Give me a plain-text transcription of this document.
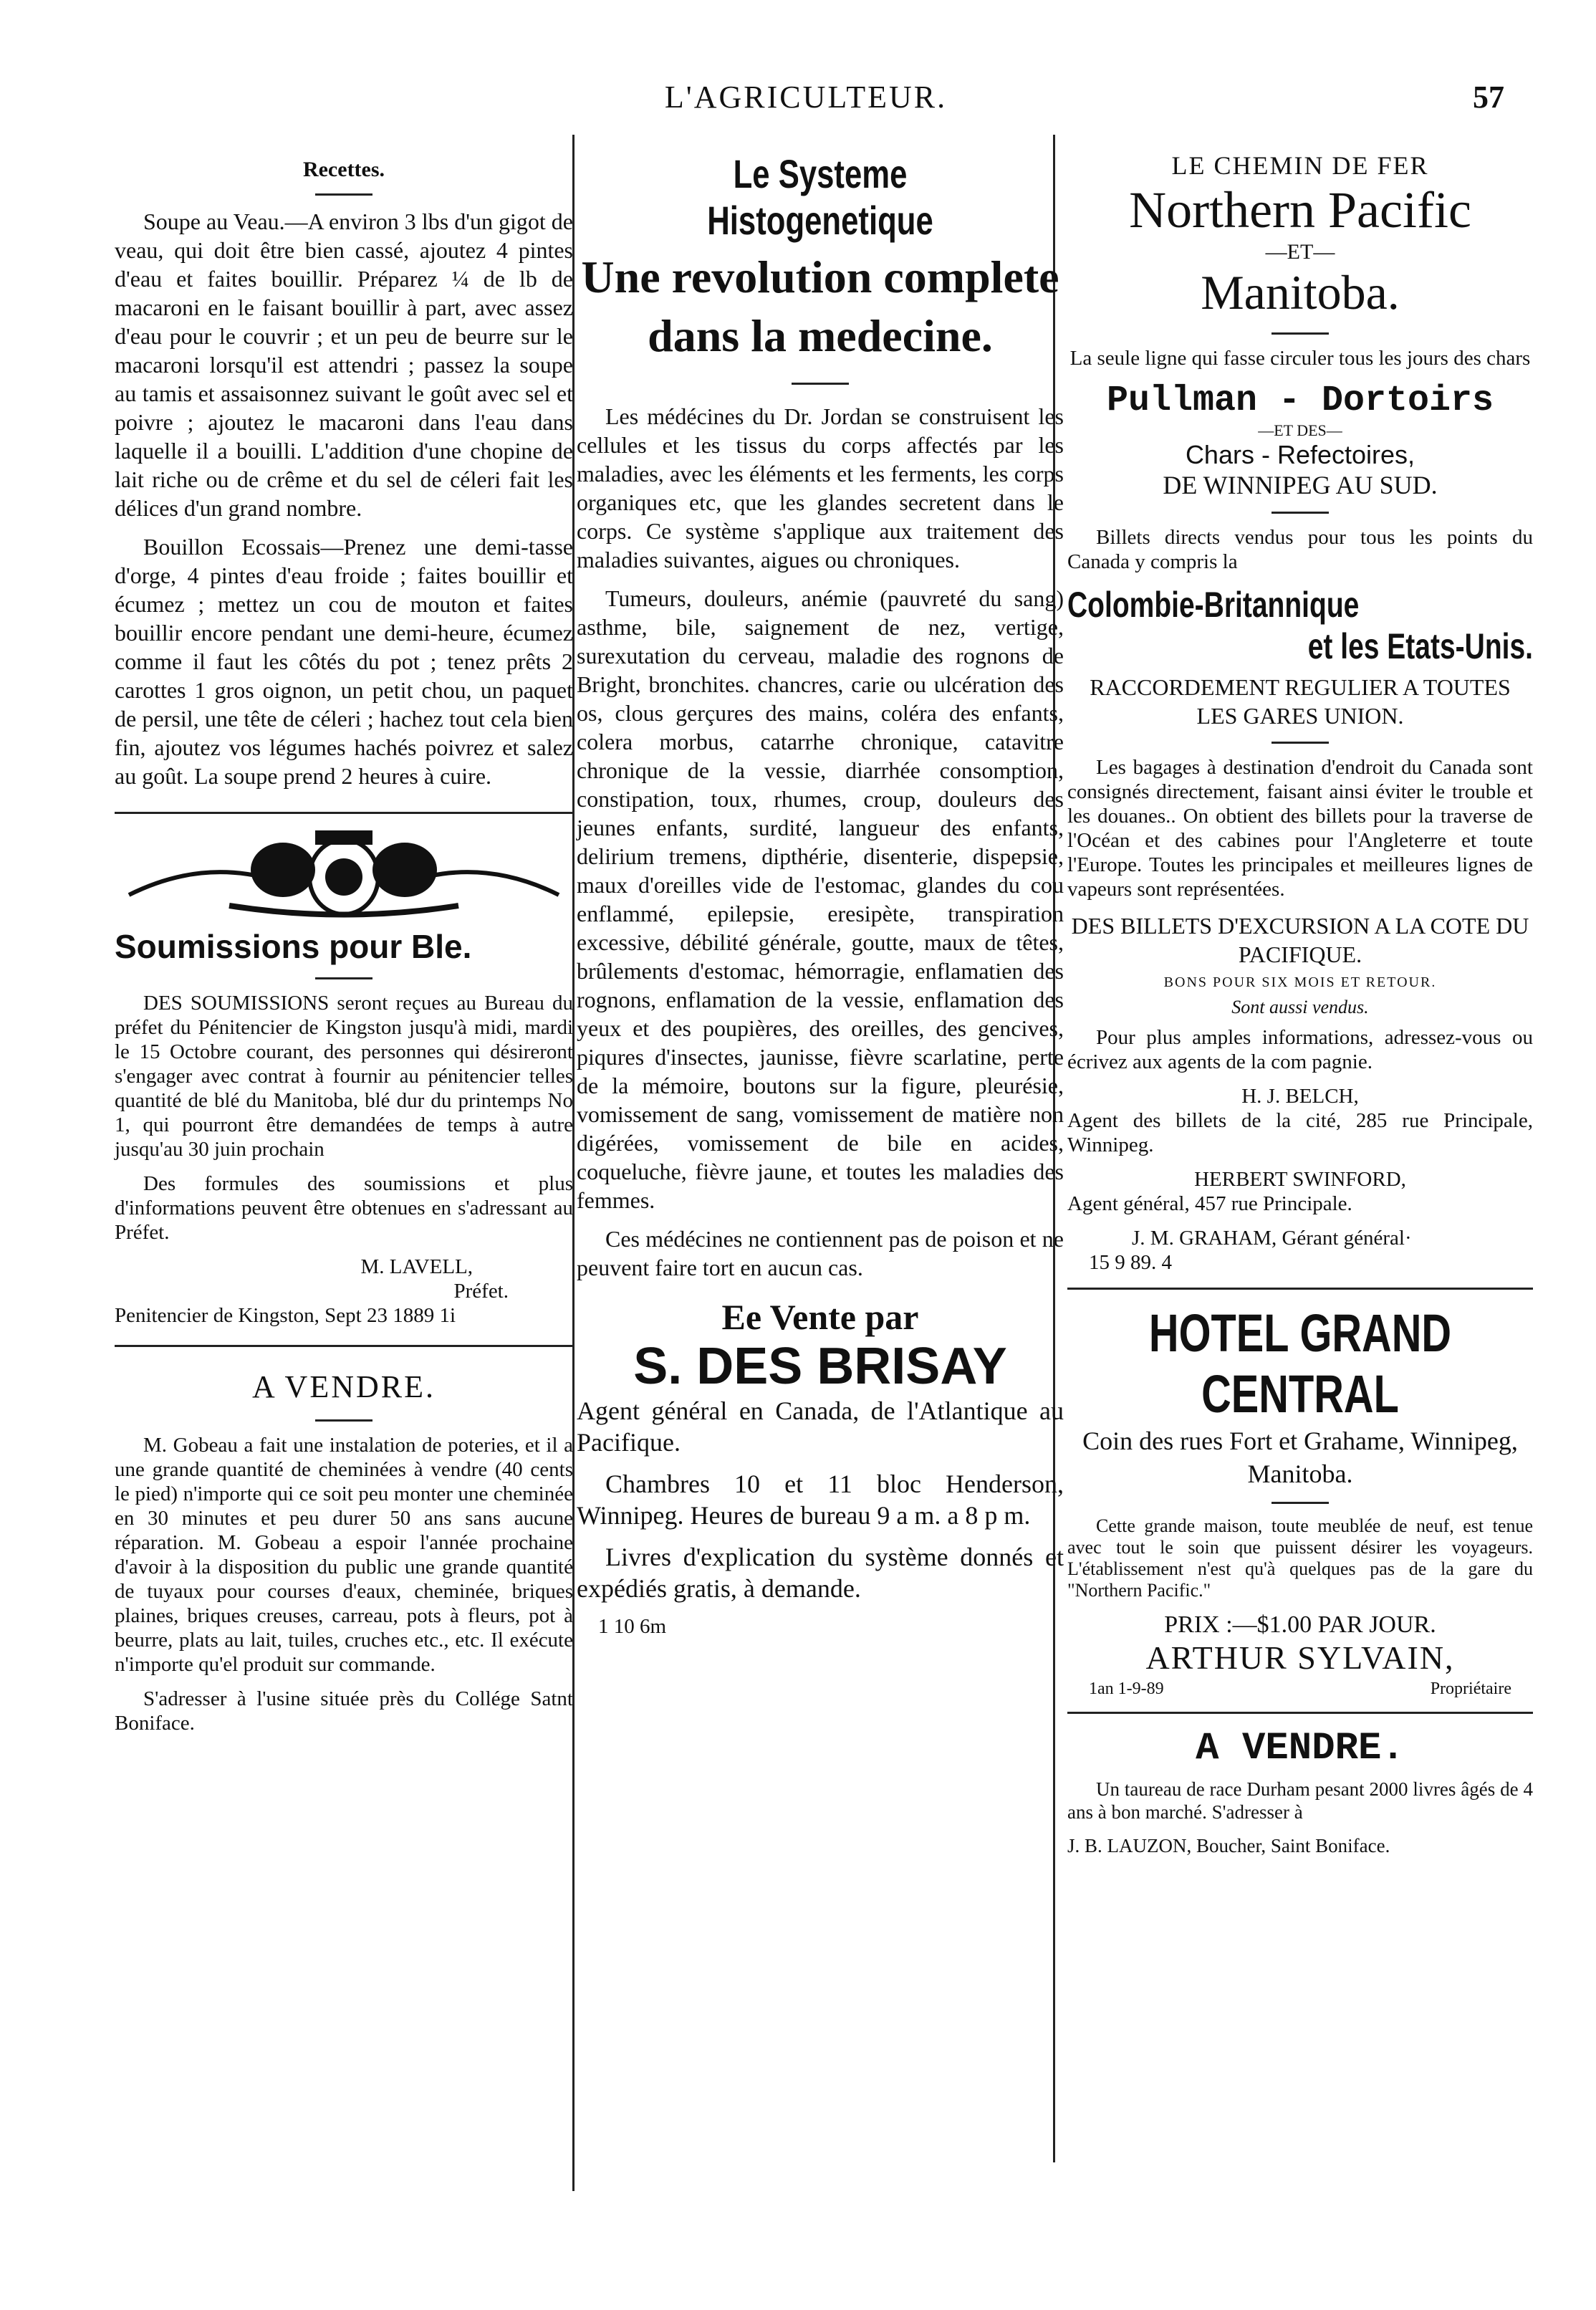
L'AGRICULTEUR.	57
Recettes.

Soupe au Veau.—A environ 3 lbs d'un gigot de veau, qui doit être bien cassé, ajoutez 4 pintes d'eau et faites bouillir. Préparez ¼ de lb de macaroni en le faisant bouillir à part, avec assez d'eau pour le couvrir ; et un peu de beurre sur le macaroni lorsqu'il est attendri ; passez la soupe au tamis et assaisonnez suivant le goût avec sel et poivre ; ajoutez le macaroni dans l'eau dans laquelle il a bouilli. L'addition d'une chopine de lait riche ou de crême et du sel de céleri fait les délices d'un grand nombre.

Bouillon Ecossais—Prenez une demi-tasse d'orge, 4 pintes d'eau froide ; faites bouillir et écumez ; mettez un cou de mouton et faites bouillir encore pendant une demi-heure, écumez comme il faut les côtés du pot ; tenez prêts 2 carottes 1 gros oignon, un petit chou, un paquet de persil, une tête de céleri ; hachez tout cela bien fin, ajoutez vos légumes hachés poivrez et salez au goût. La soupe prend 2 heures à cuire.

Soumissions pour Ble.

DES SOUMISSIONS seront reçues au Bureau du préfet du Pénitencier de Kingston jusqu'à midi, mardi le 15 Octobre courant, des personnes qui désireront s'engager avec contrat à fournir au pénitencier telles quantité de blé du Manitoba, blé dur du printemps No 1, qui pourront être demandées de temps à autre jusqu'au 30 juin prochain

Des formules des soumissions et plus d'informations peuvent être obtenues en s'adressant au Préfet.

M. LAVELL,
Préfet.
Penitencier de Kingston, Sept 23 1889 1i
A VENDRE.

M. Gobeau a fait une instalation de poteries, et il a une grande quantité de cheminées à vendre (40 cents le pied) n'importe qui ce soit peu monter une cheminée en 30 minutes et peu durer 50 ans sans aucune réparation. M. Gobeau a espoir l'année prochaine d'avoir à la disposition du public une grande quantité de tuyaux pour courses d'eaux, cheminée, briques plaines, briques creuses, carreau, pots à fleurs, pot à beurre, plats au lait, tuiles, cruches etc., etc. Il exécute n'importe qu'el produit sur commande.

S'adresser à l'usine située près du Collége Satnt Boniface.

Le Systeme Histogenetique
Une revolution complete dans la medecine.

Les médécines du Dr. Jordan se construisent les cellules et les tissus du corps affectés par les maladies, avec les éléments et les ferments, les corps organiques etc, que les glandes secretent dans le corps. Ce système s'applique aux traitement des maladies suivantes, aigues ou chroniques.

Tumeurs, douleurs, anémie (pauvreté du sang) asthme, bile, saignement de nez, vertige, surexutation du cerveau, maladie des rognons de Bright, bronchites. chancres, carie ou ulcération des os, clous gerçures des mains, coléra des enfants, colera morbus, catarrhe chronique, catavitre chronique de la vessie, diarrhée consomption, constipation, toux, rhumes, croup, douleurs des jeunes enfants, surdité, langueur des enfants, delirium tremens, dipthérie, disenterie, dispepsie, maux d'oreilles vide de l'estomac, glandes du cou enflammé, epilepsie, eresipète, transpiration excessive, débilité générale, goutte, maux de têtes, brûlements d'estomac, hémorragie, enflamatien des rognons, enflamation de la vessie, enflamation des yeux et des poupières, des oreilles, des gencives, piqures d'insectes, jaunisse, fièvre scarlatine, perte de la mémoire, boutons sur la figure, pleurésie, vomissement de sang, vomissement de matière non digérées, vomissement de bile en acides, coqueluche, fièvre jaune, et toutes les maladies des femmes.

Ces médécines ne contiennent pas de poison et ne peuvent faire tort en aucun cas.

Ee Vente par
S. DES BRISAY

Agent général en Canada, de l'Atlantique au Pacifique.

Chambres 10 et 11 bloc Henderson, Winnipeg. Heures de bureau 9 a m. a 8 p m.

Livres d'explication du système donnés et expédiés gratis, à demande.

1 10 6m
LE CHEMIN DE FER
Northern Pacific
—ET—
Manitoba.

La seule ligne qui fasse circuler tous les jours des chars

Pullman - Dortoirs
—ET DES—
Chars - Refectoires,
DE WINNIPEG AU SUD.

Billets directs vendus pour tous les points du Canada y compris la

Colombie-Britannique
et les Etats-Unis.
RACCORDEMENT REGULIER A TOUTES LES GARES UNION.

Les bagages à destination d'endroit du Canada sont consignés directement, faisant ainsi éviter le trouble et les douanes.. On obtient des billets pour la traverse de l'Océan et des cabines pour l'Angleterre et toute l'Europe. Toutes les principales et meilleures lignes de vapeurs sont représentées.

DES BILLETS D'EXCURSION A LA COTE DU PACIFIQUE.
BONS POUR SIX MOIS ET RETOUR.
Sont aussi vendus.

Pour plus amples informations, adressez-vous ou écrivez aux agents de la com pagnie.

H. J. BELCH,

Agent des billets de la cité, 285 rue Principale, Winnipeg.

HERBERT SWINFORD,

Agent général, 457 rue Principale.

J. M. GRAHAM, Gérant général·
15 9 89. 4
HOTEL GRAND CENTRAL
Coin des rues Fort et Grahame, Winnipeg, Manitoba.

Cette grande maison, toute meublée de neuf, est tenue avec tout le soin que puissent désirer les voyageurs. L'établissement n'est qu'à quelques pas de la gare du "Northern Pacific."

PRIX :—$1.00 PAR JOUR.
ARTHUR SYLVAIN,
1an 1-9-89	Propriétaire
A VENDRE.

Un taureau de race Durham pesant 2000 livres âgés de 4 ans à bon marché. S'adresser à

J. B. LAUZON, Boucher, Saint Boniface.
